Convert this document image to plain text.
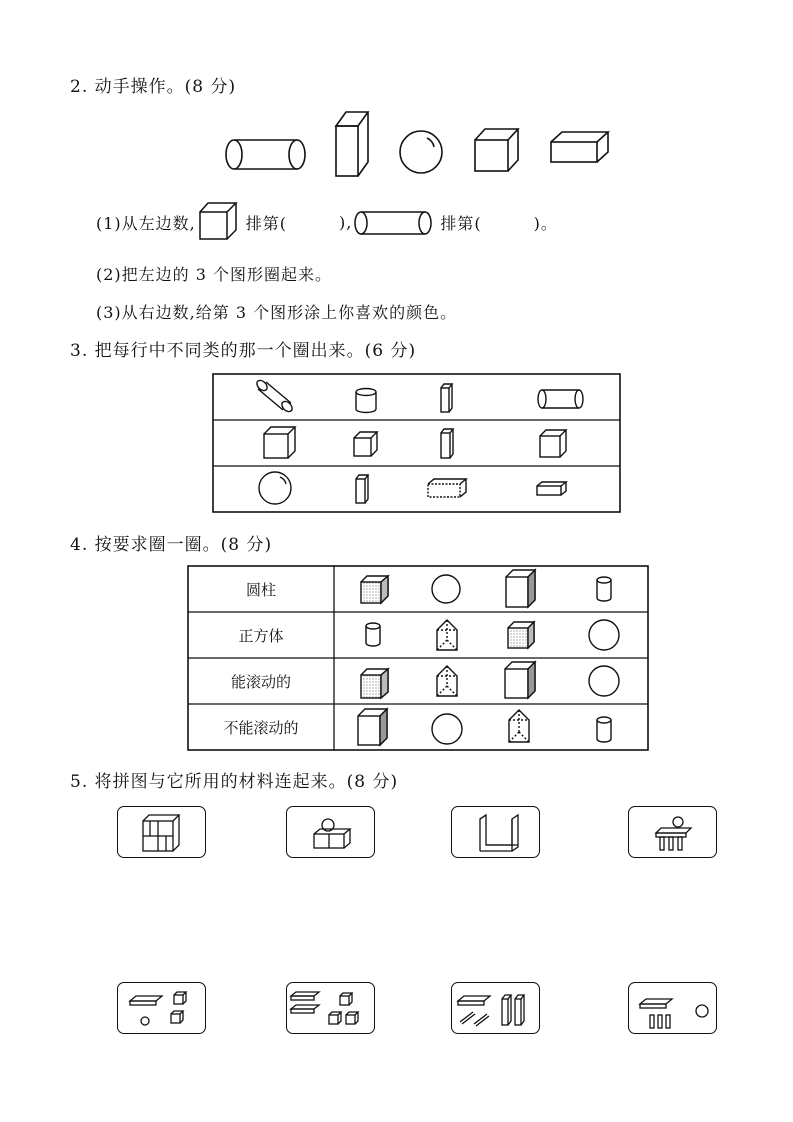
2. 动手操作。(8 分)
(1)从左边数,	排第(	),	排第(	)。
(2)把左边的 3 个图形圈起来。
(3)从右边数,给第 3 个图形涂上你喜欢的颜色。
3. 把每行中不同类的那一个圈出来。(6 分)
4. 按要求圈一圈。(8 分)
圆柱
正方体
能滚动的
不能滚动的
5. 将拼图与它所用的材料连起来。(8 分)
